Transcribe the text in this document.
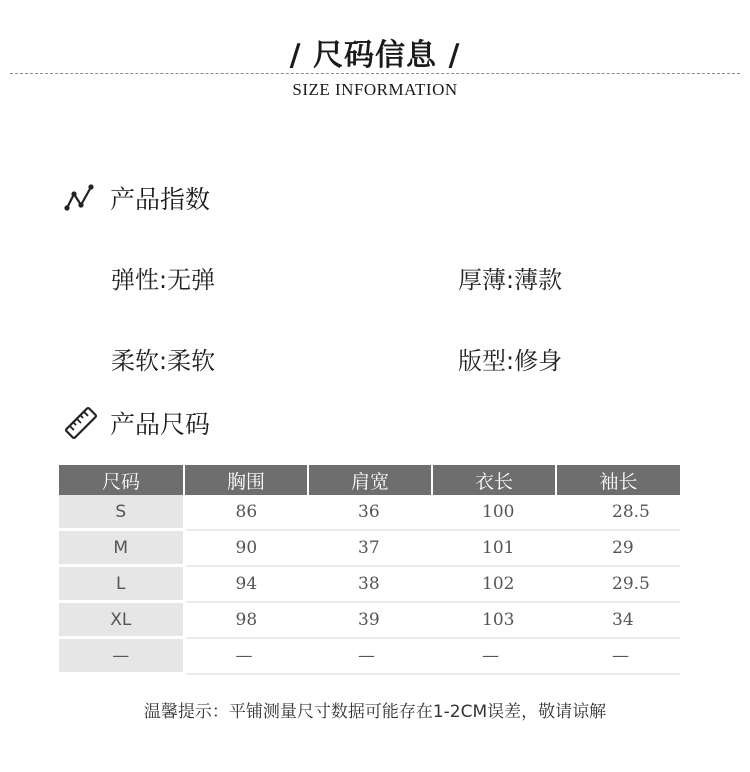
/ 尺码信息 /
SIZE INFORMATION
产品指数
弹性:无弹	厚薄:薄款
柔软:柔软	版型:修身
产品尺码
尺码	胸围	肩宽	衣长	袖长
S	86	36	100	28.5
M	90	37	101	29
L	94	38	102	29.5
XL	98	39	103	34
—	—	—	—	—
温馨提示：平铺测量尺寸数据可能存在1-2CM误差，敬请谅解
